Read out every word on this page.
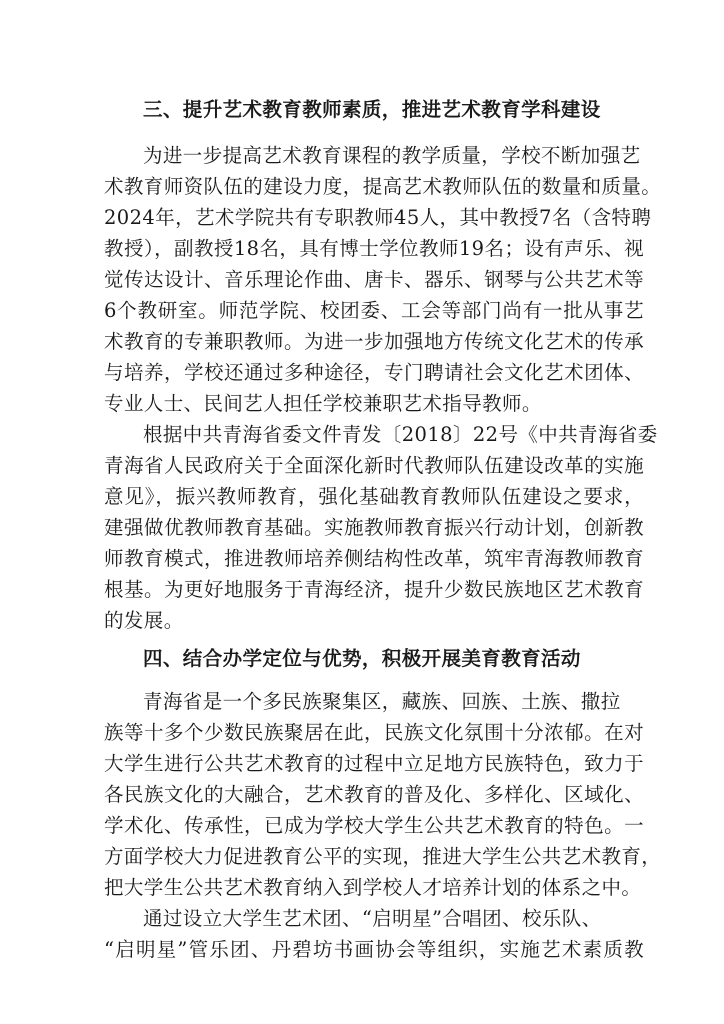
三、提升艺术教育教师素质，推进艺术教育学科建设
为进一步提高艺术教育课程的教学质量，学校不断加强艺
术教育师资队伍的建设力度，提高艺术教师队伍的数量和质量。
2024年，艺术学院共有专职教师45人，其中教授7名（含特聘
教授），副教授18名，具有博士学位教师19名；设有声乐、视
觉传达设计、音乐理论作曲、唐卡、器乐、钢琴与公共艺术等
6个教研室。师范学院、校团委、工会等部门尚有一批从事艺
术教育的专兼职教师。为进一步加强地方传统文化艺术的传承
与培养，学校还通过多种途径，专门聘请社会文化艺术团体、
专业人士、民间艺人担任学校兼职艺术指导教师。
根据中共青海省委文件青发〔2018〕22号《中共青海省委
青海省人民政府关于全面深化新时代教师队伍建设改革的实施
意见》，振兴教师教育，强化基础教育教师队伍建设之要求，
建强做优教师教育基础。实施教师教育振兴行动计划，创新教
师教育模式，推进教师培养侧结构性改革，筑牢青海教师教育
根基。为更好地服务于青海经济，提升少数民族地区艺术教育
的发展。
四、结合办学定位与优势，积极开展美育教育活动
青海省是一个多民族聚集区，藏族、回族、土族、撒拉
族等十多个少数民族聚居在此，民族文化氛围十分浓郁。在对
大学生进行公共艺术教育的过程中立足地方民族特色，致力于
各民族文化的大融合，艺术教育的普及化、多样化、区域化、
学术化、传承性，已成为学校大学生公共艺术教育的特色。一
方面学校大力促进教育公平的实现，推进大学生公共艺术教育，
把大学生公共艺术教育纳入到学校人才培养计划的体系之中。
通过设立大学生艺术团、“启明星”合唱团、校乐队、
“启明星”管乐团、丹碧坊书画协会等组织，实施艺术素质教
